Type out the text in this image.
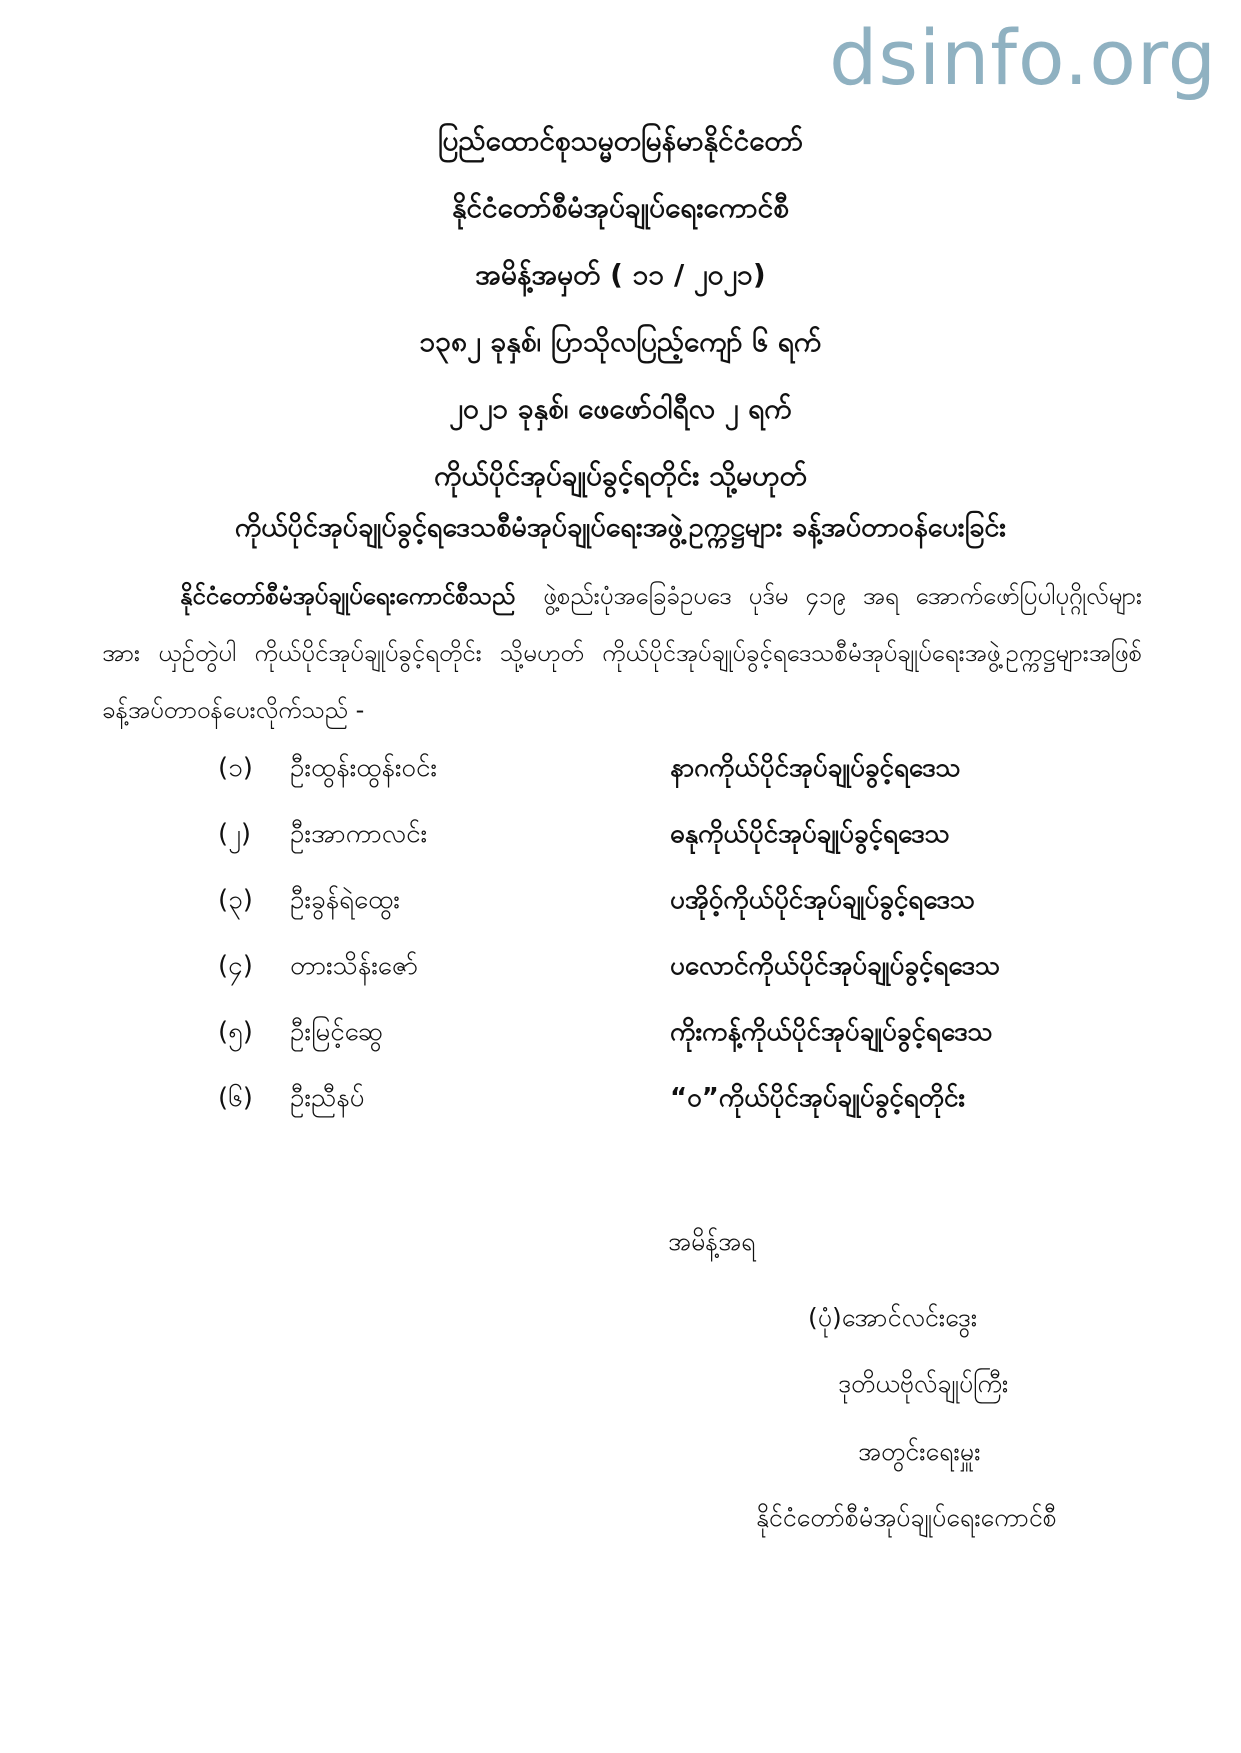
dsinfo.org
ပြည်ထောင်စုသမ္မတမြန်မာနိုင်ငံတော်
နိုင်ငံတော်စီမံအုပ်ချုပ်ရေးကောင်စီ
အမိန့်အမှတ် ( ၁၁ / ၂၀၂၁)
၁၃၈၂ ခုနှစ်၊ ပြာသိုလပြည့်ကျော် ၆ ရက်
၂၀၂၁ ခုနှစ်၊ ဖေဖော်ဝါရီလ ၂ ရက်
ကိုယ်ပိုင်အုပ်ချုပ်ခွင့်ရတိုင်း သို့မဟုတ်
ကိုယ်ပိုင်အုပ်ချုပ်ခွင့်ရဒေသစီမံအုပ်ချုပ်ရေးအဖွဲ့ဥက္ကဋ္ဌများ ခန့်အပ်တာဝန်ပေးခြင်း
နိုင်ငံတော်စီမံအုပ်ချုပ်ရေးကောင်စီသည် ဖွဲ့စည်းပုံအခြေခံဥပဒေ ပုဒ်မ ၄၁၉ အရ အောက်ဖော်ပြပါပုဂ္ဂိုလ်များအား ယှဉ်တွဲပါ ကိုယ်ပိုင်အုပ်ချုပ်ခွင့်ရတိုင်း သို့မဟုတ် ကိုယ်ပိုင်အုပ်ချုပ်ခွင့်ရဒေသစီမံအုပ်ချုပ်ရေးအဖွဲ့ဥက္ကဋ္ဌများအဖြစ် ခန့်အပ်တာဝန်ပေးလိုက်သည် -
(၁)	ဦးထွန်းထွန်းဝင်း	နာဂကိုယ်ပိုင်အုပ်ချုပ်ခွင့်ရဒေသ
(၂)	ဦးအာကာလင်း	ဓနုကိုယ်ပိုင်အုပ်ချုပ်ခွင့်ရဒေသ
(၃)	ဦးခွန်ရဲထွေး	ပအိုဝ့်ကိုယ်ပိုင်အုပ်ချုပ်ခွင့်ရဒေသ
(၄)	တားသိန်းဇော်	ပလောင်ကိုယ်ပိုင်အုပ်ချုပ်ခွင့်ရဒေသ
(၅)	ဦးမြင့်ဆွေ	ကိုးကန့်ကိုယ်ပိုင်အုပ်ချုပ်ခွင့်ရဒေသ
(၆)	ဦးညီနပ်	“ဝ”ကိုယ်ပိုင်အုပ်ချုပ်ခွင့်ရတိုင်း
အမိန့်အရ
(ပုံ)အောင်လင်းဒွေး
ဒုတိယဗိုလ်ချုပ်ကြီး
အတွင်းရေးမှူး
နိုင်ငံတော်စီမံအုပ်ချုပ်ရေးကောင်စီ
